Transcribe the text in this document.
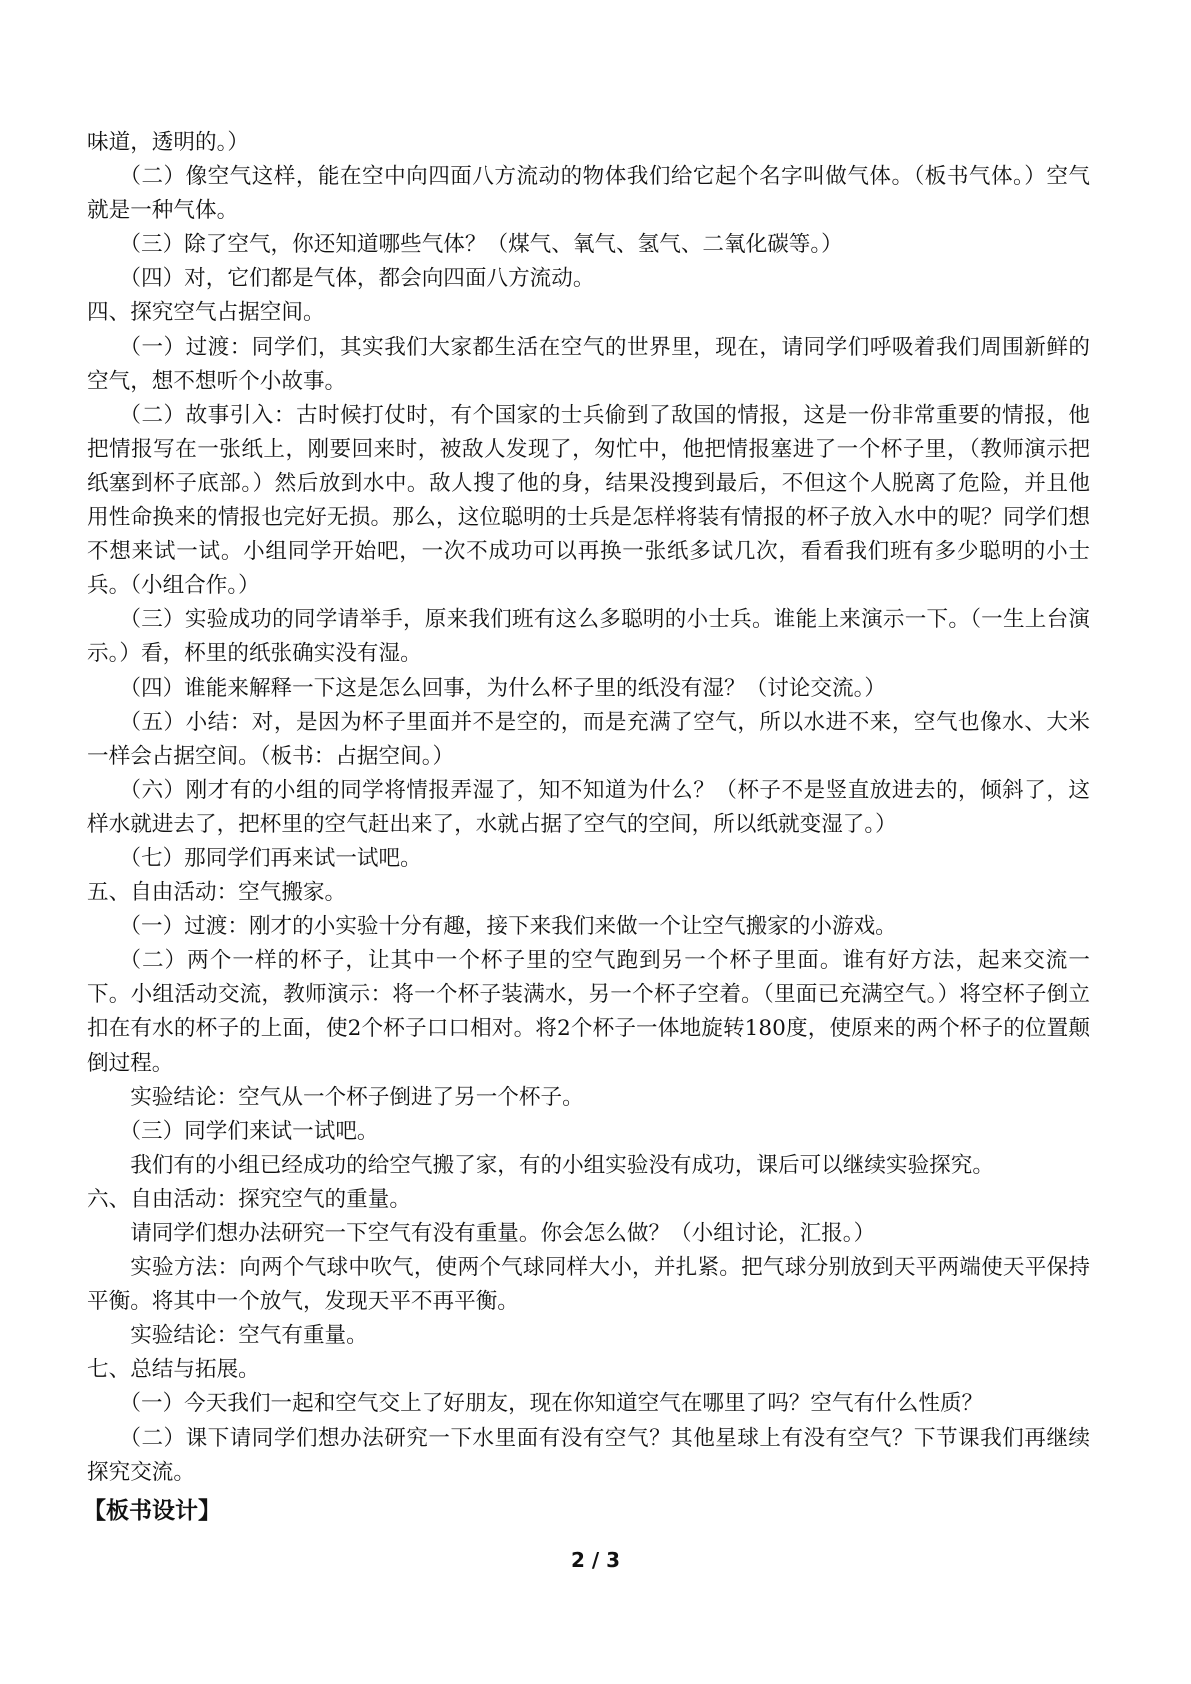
味道，透明的。）

（二）像空气这样，能在空中向四面八方流动的物体我们给它起个名字叫做气体。（板书气体。）空气就是一种气体。

（三）除了空气，你还知道哪些气体？（煤气、氧气、氢气、二氧化碳等。）

（四）对，它们都是气体，都会向四面八方流动。

四、探究空气占据空间。

（一）过渡：同学们，其实我们大家都生活在空气的世界里，现在，请同学们呼吸着我们周围新鲜的空气，想不想听个小故事。

（二）故事引入：古时候打仗时，有个国家的士兵偷到了敌国的情报，这是一份非常重要的情报，他把情报写在一张纸上，刚要回来时，被敌人发现了，匆忙中，他把情报塞进了一个杯子里，（教师演示把纸塞到杯子底部。）然后放到水中。敌人搜了他的身，结果没搜到最后，不但这个人脱离了危险，并且他用性命换来的情报也完好无损。那么，这位聪明的士兵是怎样将装有情报的杯子放入水中的呢？同学们想不想来试一试。小组同学开始吧，一次不成功可以再换一张纸多试几次，看看我们班有多少聪明的小士兵。（小组合作。）

（三）实验成功的同学请举手，原来我们班有这么多聪明的小士兵。谁能上来演示一下。（一生上台演示。）看，杯里的纸张确实没有湿。

（四）谁能来解释一下这是怎么回事，为什么杯子里的纸没有湿？（讨论交流。）

（五）小结：对，是因为杯子里面并不是空的，而是充满了空气，所以水进不来，空气也像水、大米一样会占据空间。（板书：占据空间。）

（六）刚才有的小组的同学将情报弄湿了，知不知道为什么？（杯子不是竖直放进去的，倾斜了，这样水就进去了，把杯里的空气赶出来了，水就占据了空气的空间，所以纸就变湿了。）

（七）那同学们再来试一试吧。

五、自由活动：空气搬家。

（一）过渡：刚才的小实验十分有趣，接下来我们来做一个让空气搬家的小游戏。

（二）两个一样的杯子，让其中一个杯子里的空气跑到另一个杯子里面。谁有好方法，起来交流一下。小组活动交流，教师演示：将一个杯子装满水，另一个杯子空着。（里面已充满空气。）将空杯子倒立扣在有水的杯子的上面，使2个杯子口口相对。将2个杯子一体地旋转180度，使原来的两个杯子的位置颠倒过程。

实验结论：空气从一个杯子倒进了另一个杯子。

（三）同学们来试一试吧。

我们有的小组已经成功的给空气搬了家，有的小组实验没有成功，课后可以继续实验探究。

六、自由活动：探究空气的重量。

请同学们想办法研究一下空气有没有重量。你会怎么做？（小组讨论，汇报。）

实验方法：向两个气球中吹气，使两个气球同样大小，并扎紧。把气球分别放到天平两端使天平保持平衡。将其中一个放气，发现天平不再平衡。

实验结论：空气有重量。

七、总结与拓展。

（一）今天我们一起和空气交上了好朋友，现在你知道空气在哪里了吗？空气有什么性质？

（二）课下请同学们想办法研究一下水里面有没有空气？其他星球上有没有空气？下节课我们再继续探究交流。

【板书设计】

2 / 3
